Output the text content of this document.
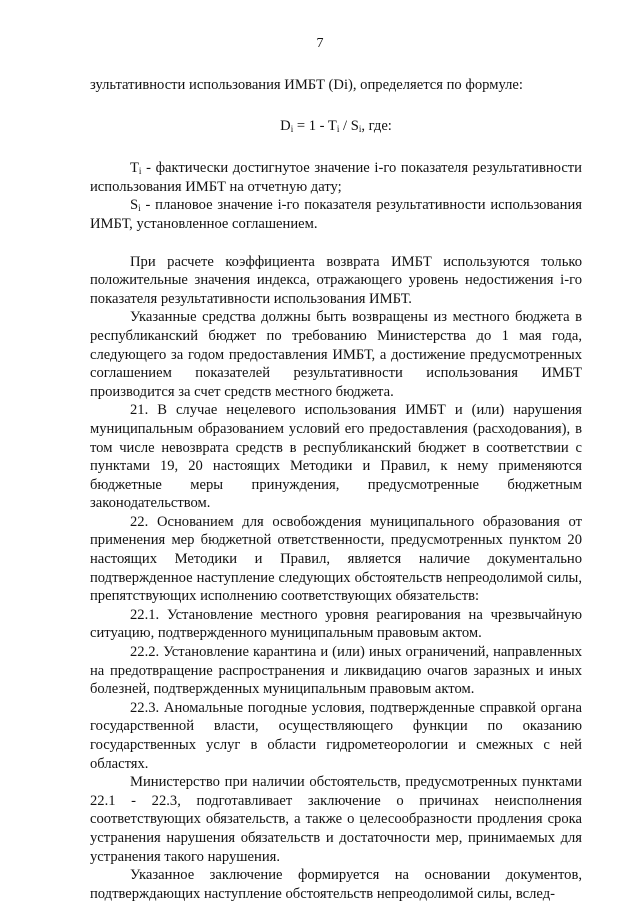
7

зультативности использования ИМБТ (Di), определяется по формуле:

$D_i = 1 - T_i / S_i$, где:

$T_i$ - фактически достигнутое значение i-го показателя результативности использования ИМБТ на отчетную дату;

$S_i$ - плановое значение i-го показателя результативности использования ИМБТ, установленное соглашением.

При расчете коэффициента возврата ИМБТ используются только положительные значения индекса, отражающего уровень недостижения i-го показателя результативности использования ИМБТ.

Указанные средства должны быть возвращены из местного бюджета в республиканский бюджет по требованию Министерства до 1 мая года, следующего за годом предоставления ИМБТ, а достижение предусмотренных соглашением показателей результативности использования ИМБТ производится за счет средств местного бюджета.

21. В случае нецелевого использования ИМБТ и (или) нарушения муниципальным образованием условий его предоставления (расходования), в том числе невозврата средств в республиканский бюджет в соответствии с пунктами 19, 20 настоящих Методики и Правил, к нему применяются бюджетные меры принуждения, предусмотренные бюджетным законодательством.

22. Основанием для освобождения муниципального образования от применения мер бюджетной ответственности, предусмотренных пунктом 20 настоящих Методики и Правил, является наличие документально подтвержденное наступление следующих обстоятельств непреодолимой силы, препятствующих исполнению соответствующих обязательств:

22.1. Установление местного уровня реагирования на чрезвычайную ситуацию, подтвержденного муниципальным правовым актом.

22.2. Установление карантина и (или) иных ограничений, направленных на предотвращение распространения и ликвидацию очагов заразных и иных болезней, подтвержденных муниципальным правовым актом.

22.3. Аномальные погодные условия, подтвержденные справкой органа государственной власти, осуществляющего функции по оказанию государственных услуг в области гидрометеорологии и смежных с ней областях.

Министерство при наличии обстоятельств, предусмотренных пунктами 22.1 - 22.3, подготавливает заключение о причинах неисполнения соответствующих обязательств, а также о целесообразности продления срока устранения нарушения обязательств и достаточности мер, принимаемых для устранения такого нарушения.

Указанное заключение формируется на основании документов, подтверждающих наступление обстоятельств непреодолимой силы, вслед-
